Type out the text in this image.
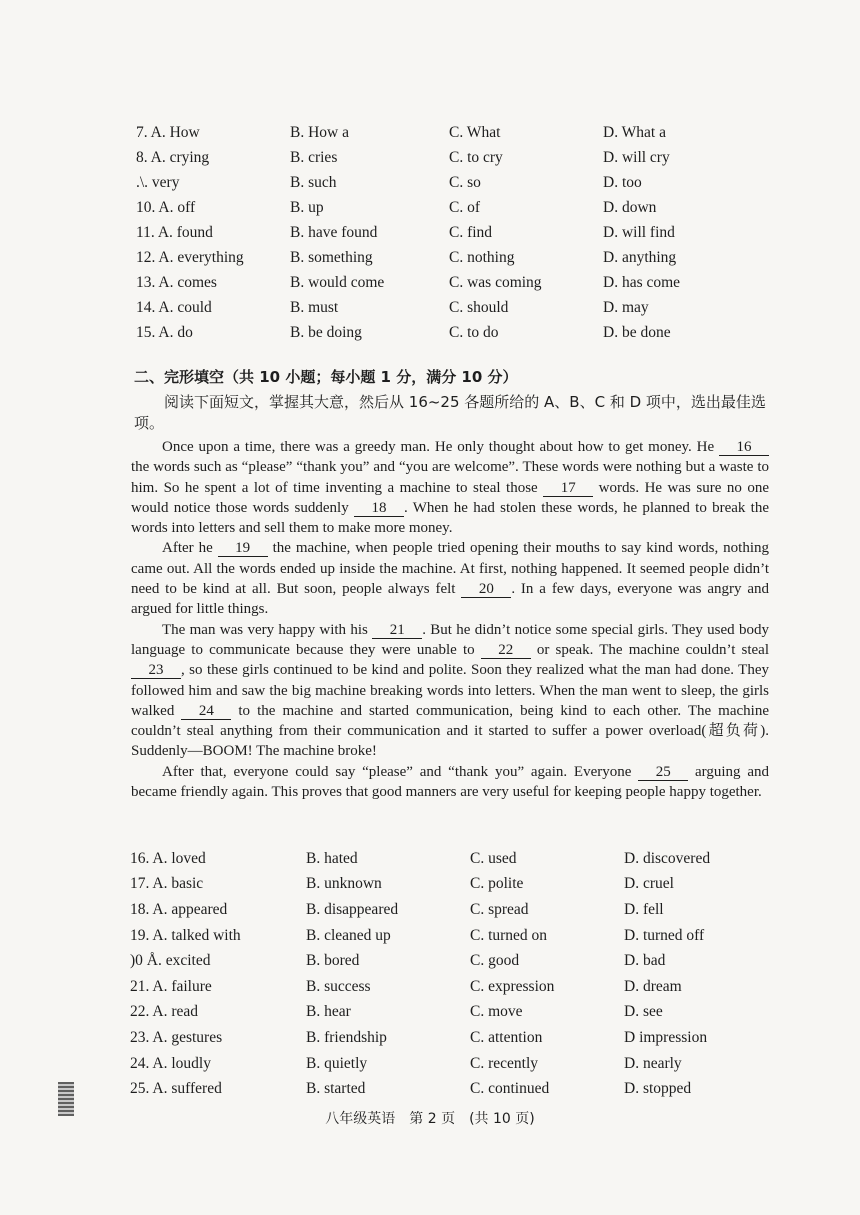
7. A. How	B. How a	C. What	D. What a
8. A. crying	B. cries	C. to cry	D. will cry
.\. very	B. such	C. so	D. too
10. A. off	B. up	C. of	D. down
11. A. found	B. have found	C. find	D. will find
12. A. everything	B. something	C. nothing	D. anything
13. A. comes	B. would come	C. was coming	D. has come
14. A. could	B. must	C. should	D. may
15. A. do	B. be doing	C. to do	D. be done
二、完形填空（共 10 小题；每小题 1 分，满分 10 分）
阅读下面短文，掌握其大意，然后从 16~25 各题所给的 A、B、C 和 D 项中，选出最佳选项。

Once upon a time, there was a greedy man. He only thought about how to get money. He 16 the words such as “please” “thank you” and “you are welcome”. These words were nothing but a waste to him. So he spent a lot of time inventing a machine to steal those 17 words. He was sure no one would notice those words suddenly 18 . When he had stolen these words, he planned to break the words into letters and sell them to make more money.

After he 19 the machine, when people tried opening their mouths to say kind words, nothing came out. All the words ended up inside the machine. At first, nothing happened. It seemed people didn’t need to be kind at all. But soon, people always felt 20 . In a few days, everyone was angry and argued for little things.

The man was very happy with his 21 . But he didn’t notice some special girls. They used body language to communicate because they were unable to 22 or speak. The machine couldn’t steal 23 , so these girls continued to be kind and polite. Soon they realized what the man had done. They followed him and saw the big machine breaking words into letters. When the man went to sleep, the girls walked 24 to the machine and started communication, being kind to each other. The machine couldn’t steal anything from their communication and it started to suffer a power overload(超负荷). Suddenly—BOOM! The machine broke!

After that, everyone could say “please” and “thank you” again. Everyone 25 arguing and became friendly again. This proves that good manners are very useful for keeping people happy together.

16. A. loved	B. hated	C. used	D. discovered
17. A. basic	B. unknown	C. polite	D. cruel
18. A. appeared	B. disappeared	C. spread	D. fell
19. A. talked with	B. cleaned up	C. turned on	D. turned off
)0 Å. excited	B. bored	C. good	D. bad
21. A. failure	B. success	C. expression	D. dream
22. A. read	B. hear	C. move	D. see
23. A. gestures	B. friendship	C. attention	D impression
24. A. loudly	B. quietly	C. recently	D. nearly
25. A. suffered	B. started	C. continued	D. stopped
八年级英语　第 2 页　(共 10 页)
